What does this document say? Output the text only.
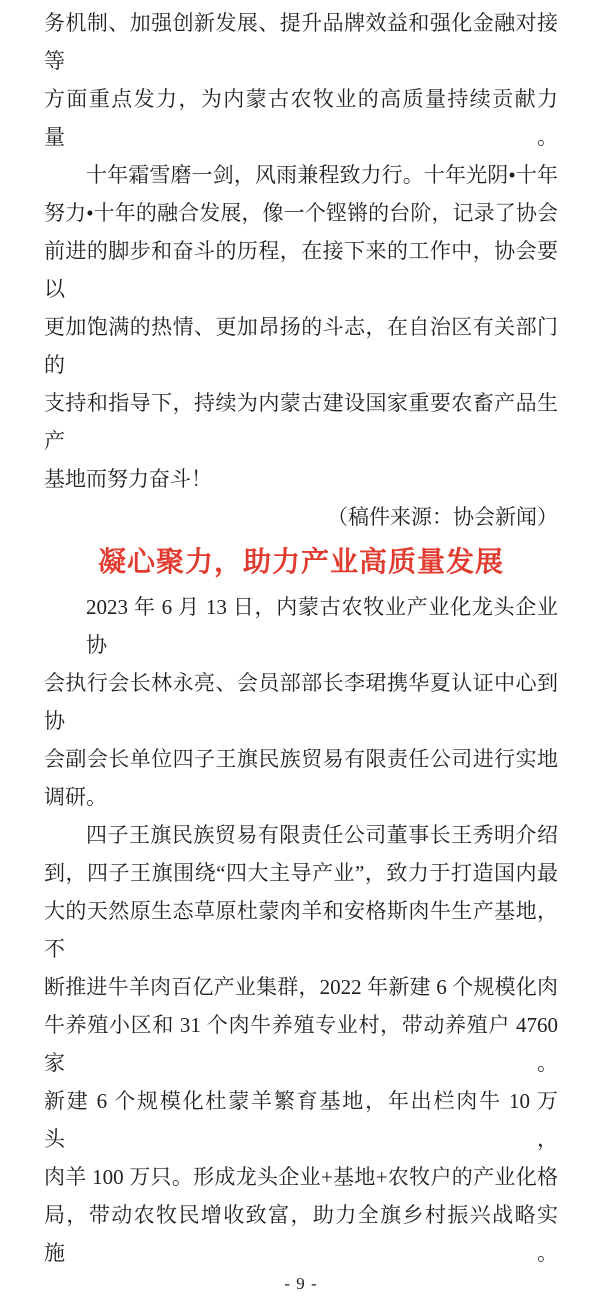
务机制、加强创新发展、提升品牌效益和强化金融对接等
方面重点发力，为内蒙古农牧业的高质量持续贡献力量。
十年霜雪磨一剑，风雨兼程致力行。十年光阴•十年
努力•十年的融合发展，像一个铿锵的台阶，记录了协会
前进的脚步和奋斗的历程，在接下来的工作中，协会要以
更加饱满的热情、更加昂扬的斗志，在自治区有关部门的
支持和指导下，持续为内蒙古建设国家重要农畜产品生产
基地而努力奋斗！
（稿件来源：协会新闻）
凝心聚力，助力产业高质量发展
2023 年 6 月 13 日，内蒙古农牧业产业化龙头企业协
会执行会长林永亮、会员部部长李珺携华夏认证中心到协
会副会长单位四子王旗民族贸易有限责任公司进行实地
调研。
四子王旗民族贸易有限责任公司董事长王秀明介绍
到，四子王旗围绕“四大主导产业”，致力于打造国内最
大的天然原生态草原杜蒙肉羊和安格斯肉牛生产基地，不
断推进牛羊肉百亿产业集群，2022 年新建 6 个规模化肉
牛养殖小区和 31 个肉牛养殖专业村，带动养殖户 4760 家。
新建 6 个规模化杜蒙羊繁育基地，年出栏肉牛 10 万头，
肉羊 100 万只。形成龙头企业+基地+农牧户的产业化格
局，带动农牧民增收致富，助力全旗乡村振兴战略实施。
- 9 -
